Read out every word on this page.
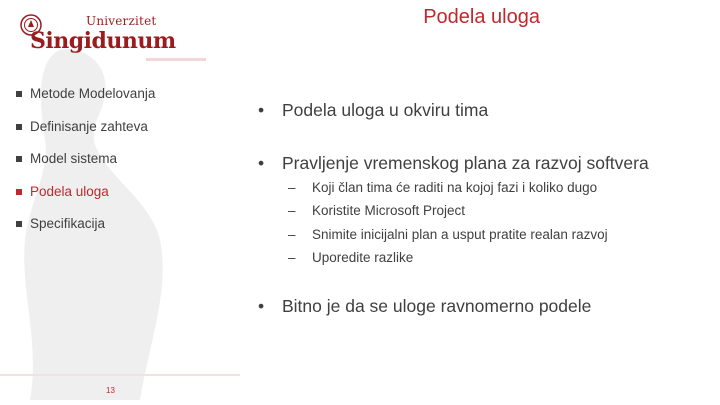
Univerzitet
Singidunum
Podela uloga
Metode Modelovanja
Definisanje zahteva
Model sistema
Podela uloga
Specifikacija
• Podela uloga u okviru tima
• Pravljenje vremenskog plana za razvoj softvera
– Koji član tima će raditi na kojoj fazi i koliko dugo
– Koristite Microsoft Project
– Snimite inicijalni plan a usput pratite realan razvoj
– Uporedite razlike
• Bitno je da se uloge ravnomerno podele
13
